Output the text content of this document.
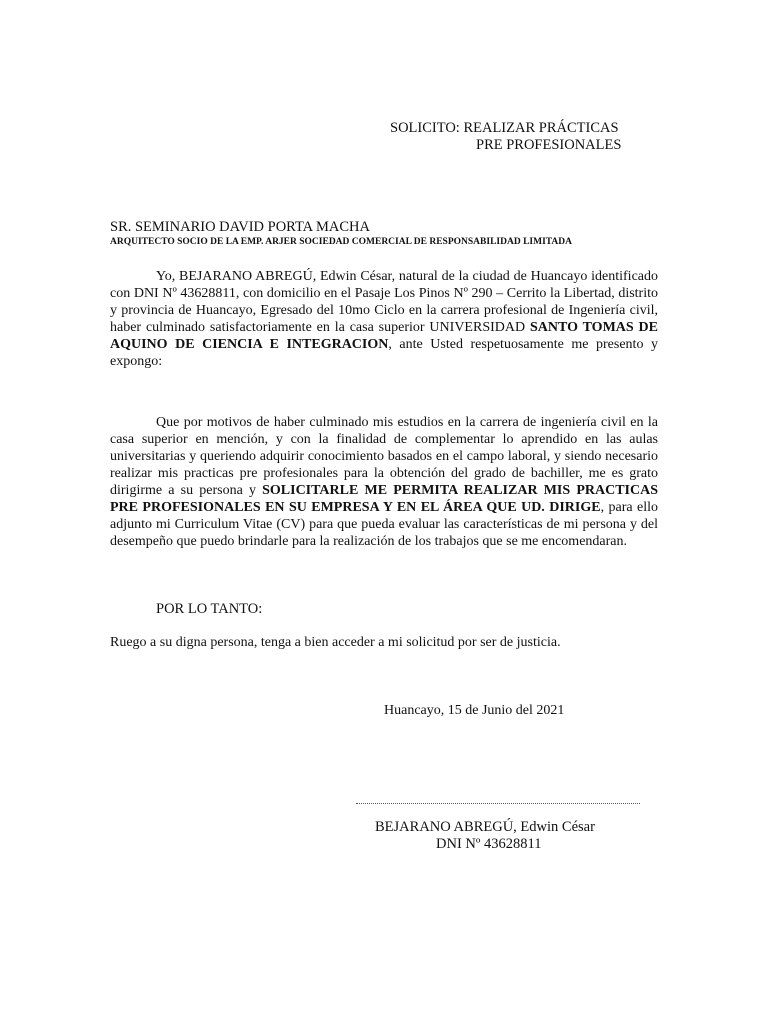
SOLICITO: REALIZAR PRÁCTICAS
PRE PROFESIONALES
SR. SEMINARIO DAVID PORTA MACHA
ARQUITECTO SOCIO DE LA EMP. ARJER SOCIEDAD COMERCIAL DE RESPONSABILIDAD LIMITADA
Yo, BEJARANO ABREGÚ, Edwin César, natural de la ciudad de Huancayo identificado con DNI Nº 43628811, con domicilio en el Pasaje Los Pinos Nº 290 – Cerrito la Libertad, distrito y provincia de Huancayo, Egresado del 10mo Ciclo en la carrera profesional de Ingeniería civil, haber culminado satisfactoriamente en la casa superior UNIVERSIDAD SANTO TOMAS DE AQUINO DE CIENCIA E INTEGRACION, ante Usted respetuosamente me presento y expongo:
Que por motivos de haber culminado mis estudios en la carrera de ingeniería civil en la casa superior en mención, y con la finalidad de complementar lo aprendido en las aulas universitarias y queriendo adquirir conocimiento basados en el campo laboral, y siendo necesario realizar mis practicas pre profesionales para la obtención del grado de bachiller, me es grato dirigirme a su persona y SOLICITARLE ME PERMITA REALIZAR MIS PRACTICAS PRE PROFESIONALES EN SU EMPRESA Y EN EL ÁREA QUE UD. DIRIGE, para ello adjunto mi Curriculum Vitae (CV) para que pueda evaluar las características de mi persona y del desempeño que puedo brindarle para la realización de los trabajos que se me encomendaran.
POR LO TANTO:
Ruego a su digna persona, tenga a bien acceder a mi solicitud por ser de justicia.
Huancayo, 15 de Junio del 2021
BEJARANO ABREGÚ, Edwin César
DNI Nº 43628811
